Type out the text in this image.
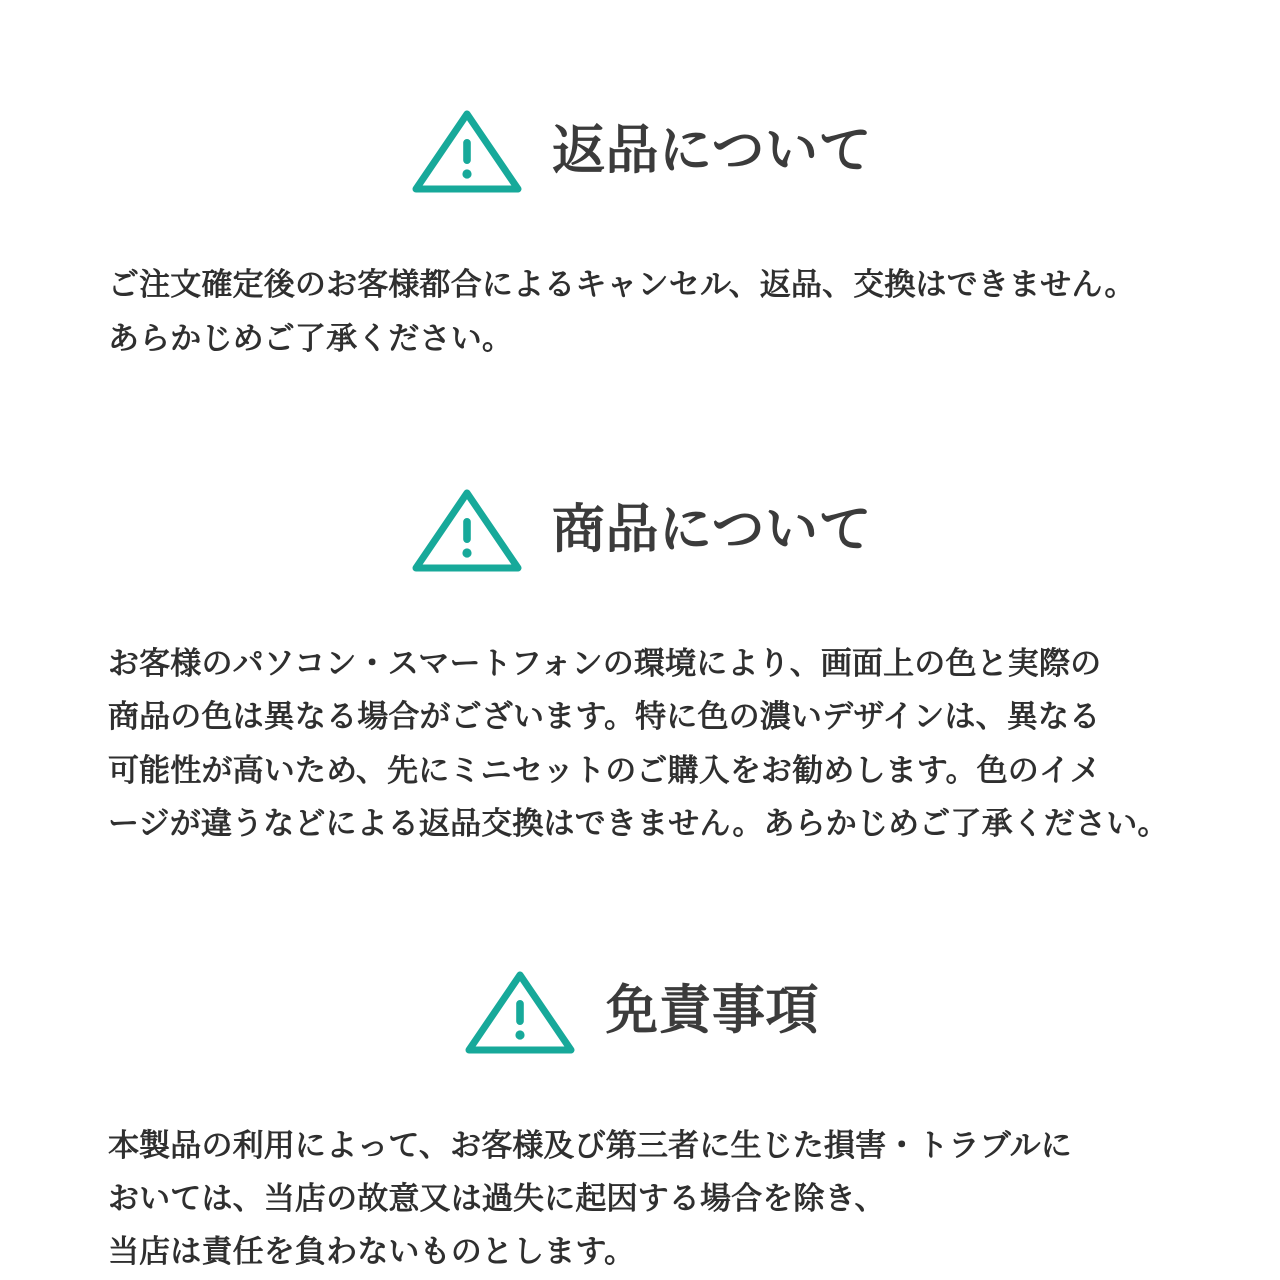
返品について

ご注文確定後のお客様都合によるキャンセル、返品、交換はできません。

あらかじめご了承ください。

商品について

お客様のパソコン・スマートフォンの環境により、画面上の色と実際の

商品の色は異なる場合がございます。特に色の濃いデザインは、異なる

可能性が高いため、先にミニセットのご購入をお勧めします。色のイメ

ージが違うなどによる返品交換はできません。あらかじめご了承ください。

免責事項

本製品の利用によって、お客様及び第三者に生じた損害・トラブルに

おいては、当店の故意又は過失に起因する場合を除き、

当店は責任を負わないものとします。
